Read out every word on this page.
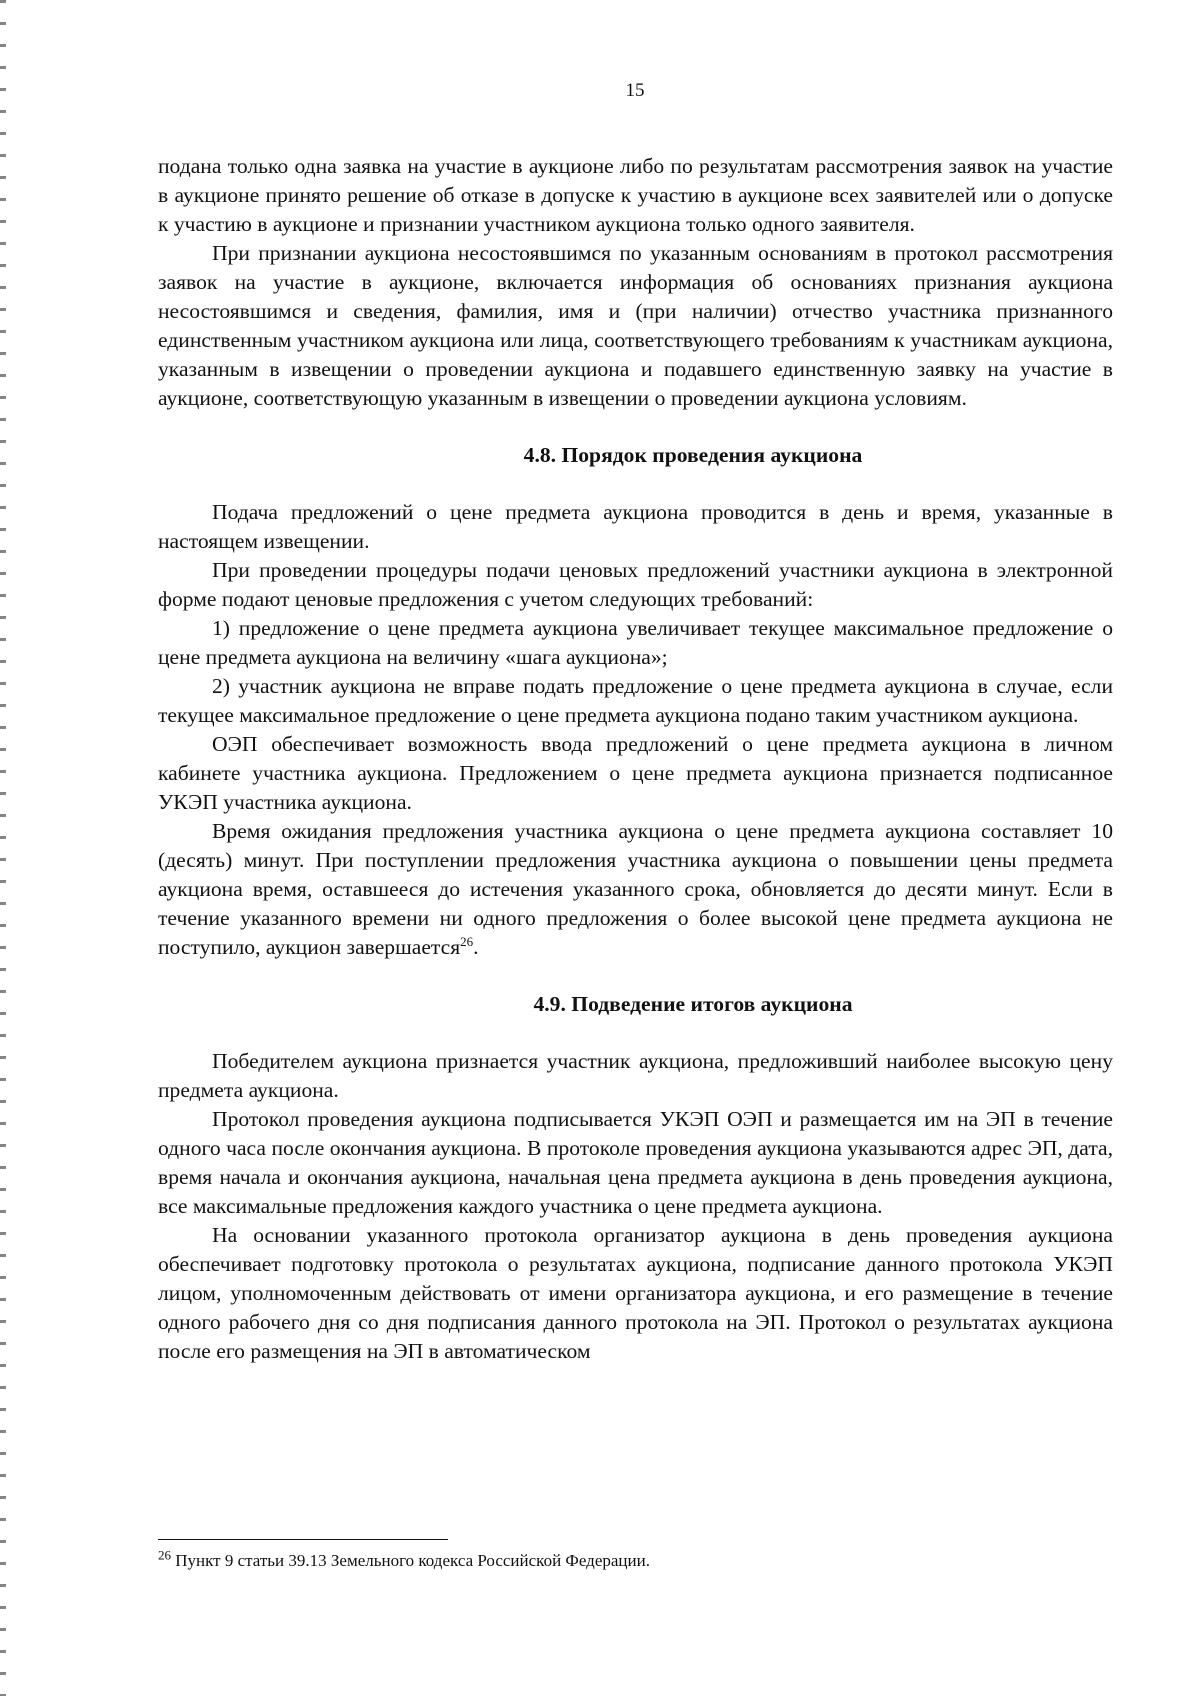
15

подана только одна заявка на участие в аукционе либо по результатам рассмотрения заявок на участие в аукционе принято решение об отказе в допуске к участию в аукционе всех заявителей или о допуске к участию в аукционе и признании участником аукциона только одного заявителя.

При признании аукциона несостоявшимся по указанным основаниям в протокол рассмотрения заявок на участие в аукционе, включается информация об основаниях признания аукциона несостоявшимся и сведения, фамилия, имя и (при наличии) отчество участника признанного единственным участником аукциона или лица, соответствующего требованиям к участникам аукциона, указанным в извещении о проведении аукциона и подавшего единственную заявку на участие в аукционе, соответствующую указанным в извещении о проведении аукциона условиям.

4.8. Порядок проведения аукциона

Подача предложений о цене предмета аукциона проводится в день и время, указанные в настоящем извещении.

При проведении процедуры подачи ценовых предложений участники аукциона в электронной форме подают ценовые предложения с учетом следующих требований:

1) предложение о цене предмета аукциона увеличивает текущее максимальное предложение о цене предмета аукциона на величину «шага аукциона»;

2) участник аукциона не вправе подать предложение о цене предмета аукциона в случае, если текущее максимальное предложение о цене предмета аукциона подано таким участником аукциона.

ОЭП обеспечивает возможность ввода предложений о цене предмета аукциона в личном кабинете участника аукциона. Предложением о цене предмета аукциона признается подписанное УКЭП участника аукциона.

Время ожидания предложения участника аукциона о цене предмета аукциона составляет 10 (десять) минут. При поступлении предложения участника аукциона о повышении цены предмета аукциона время, оставшееся до истечения указанного срока, обновляется до десяти минут. Если в течение указанного времени ни одного предложения о более высокой цене предмета аукциона не поступило, аукцион завершается$^{26}$.

4.9. Подведение итогов аукциона

Победителем аукциона признается участник аукциона, предложивший наиболее высокую цену предмета аукциона.

Протокол проведения аукциона подписывается УКЭП ОЭП и размещается им на ЭП в течение одного часа после окончания аукциона. В протоколе проведения аукциона указываются адрес ЭП, дата, время начала и окончания аукциона, начальная цена предмета аукциона в день проведения аукциона, все максимальные предложения каждого участника о цене предмета аукциона.

На основании указанного протокола организатор аукциона в день проведения аукциона обеспечивает подготовку протокола о результатах аукциона, подписание данного протокола УКЭП лицом, уполномоченным действовать от имени организатора аукциона, и его размещение в течение одного рабочего дня со дня подписания данного протокола на ЭП. Протокол о результатах аукциона после его размещения на ЭП в автоматическом

$^{26}$ Пункт 9 статьи 39.13 Земельного кодекса Российской Федерации.
